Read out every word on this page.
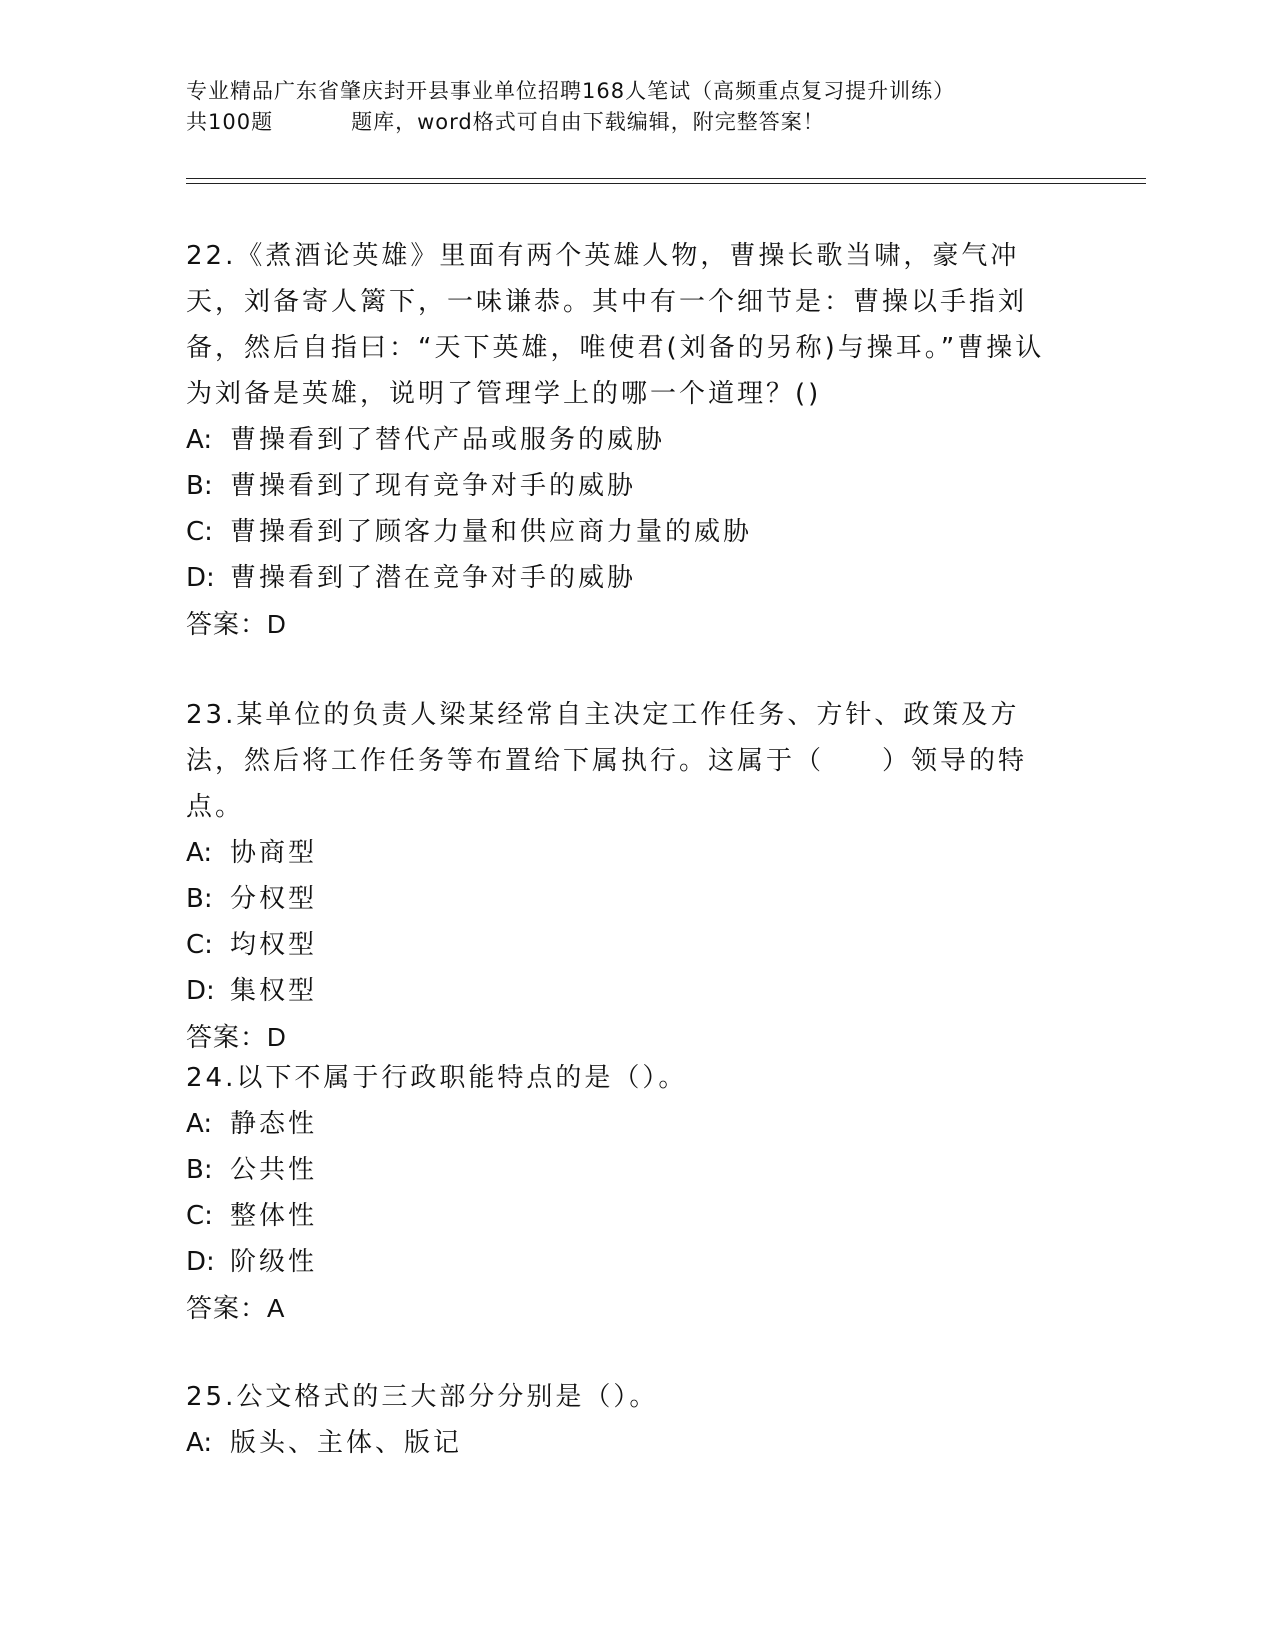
专业精品广东省肇庆封开县事业单位招聘168人笔试（高频重点复习提升训练）
共100题	题库，word格式可自由下载编辑，附完整答案！
22.《煮酒论英雄》里面有两个英雄人物，曹操长歌当啸，豪气冲天，刘备寄人篱下，一味谦恭。其中有一个细节是：曹操以手指刘备，然后自指曰：“天下英雄，唯使君(刘备的另称)与操耳。”曹操认为刘备是英雄，说明了管理学上的哪一个道理？()
A: 曹操看到了替代产品或服务的威胁
B: 曹操看到了现有竞争对手的威胁
C: 曹操看到了顾客力量和供应商力量的威胁
D: 曹操看到了潜在竞争对手的威胁
答案：D
23.某单位的负责人梁某经常自主决定工作任务、方针、政策及方法，然后将工作任务等布置给下属执行。这属于（　　）领导的特点。
A: 协商型
B: 分权型
C: 均权型
D: 集权型
答案：D
24.以下不属于行政职能特点的是（）。
A: 静态性
B: 公共性
C: 整体性
D: 阶级性
答案：A
25.公文格式的三大部分分别是（）。
A: 版头、主体、版记
